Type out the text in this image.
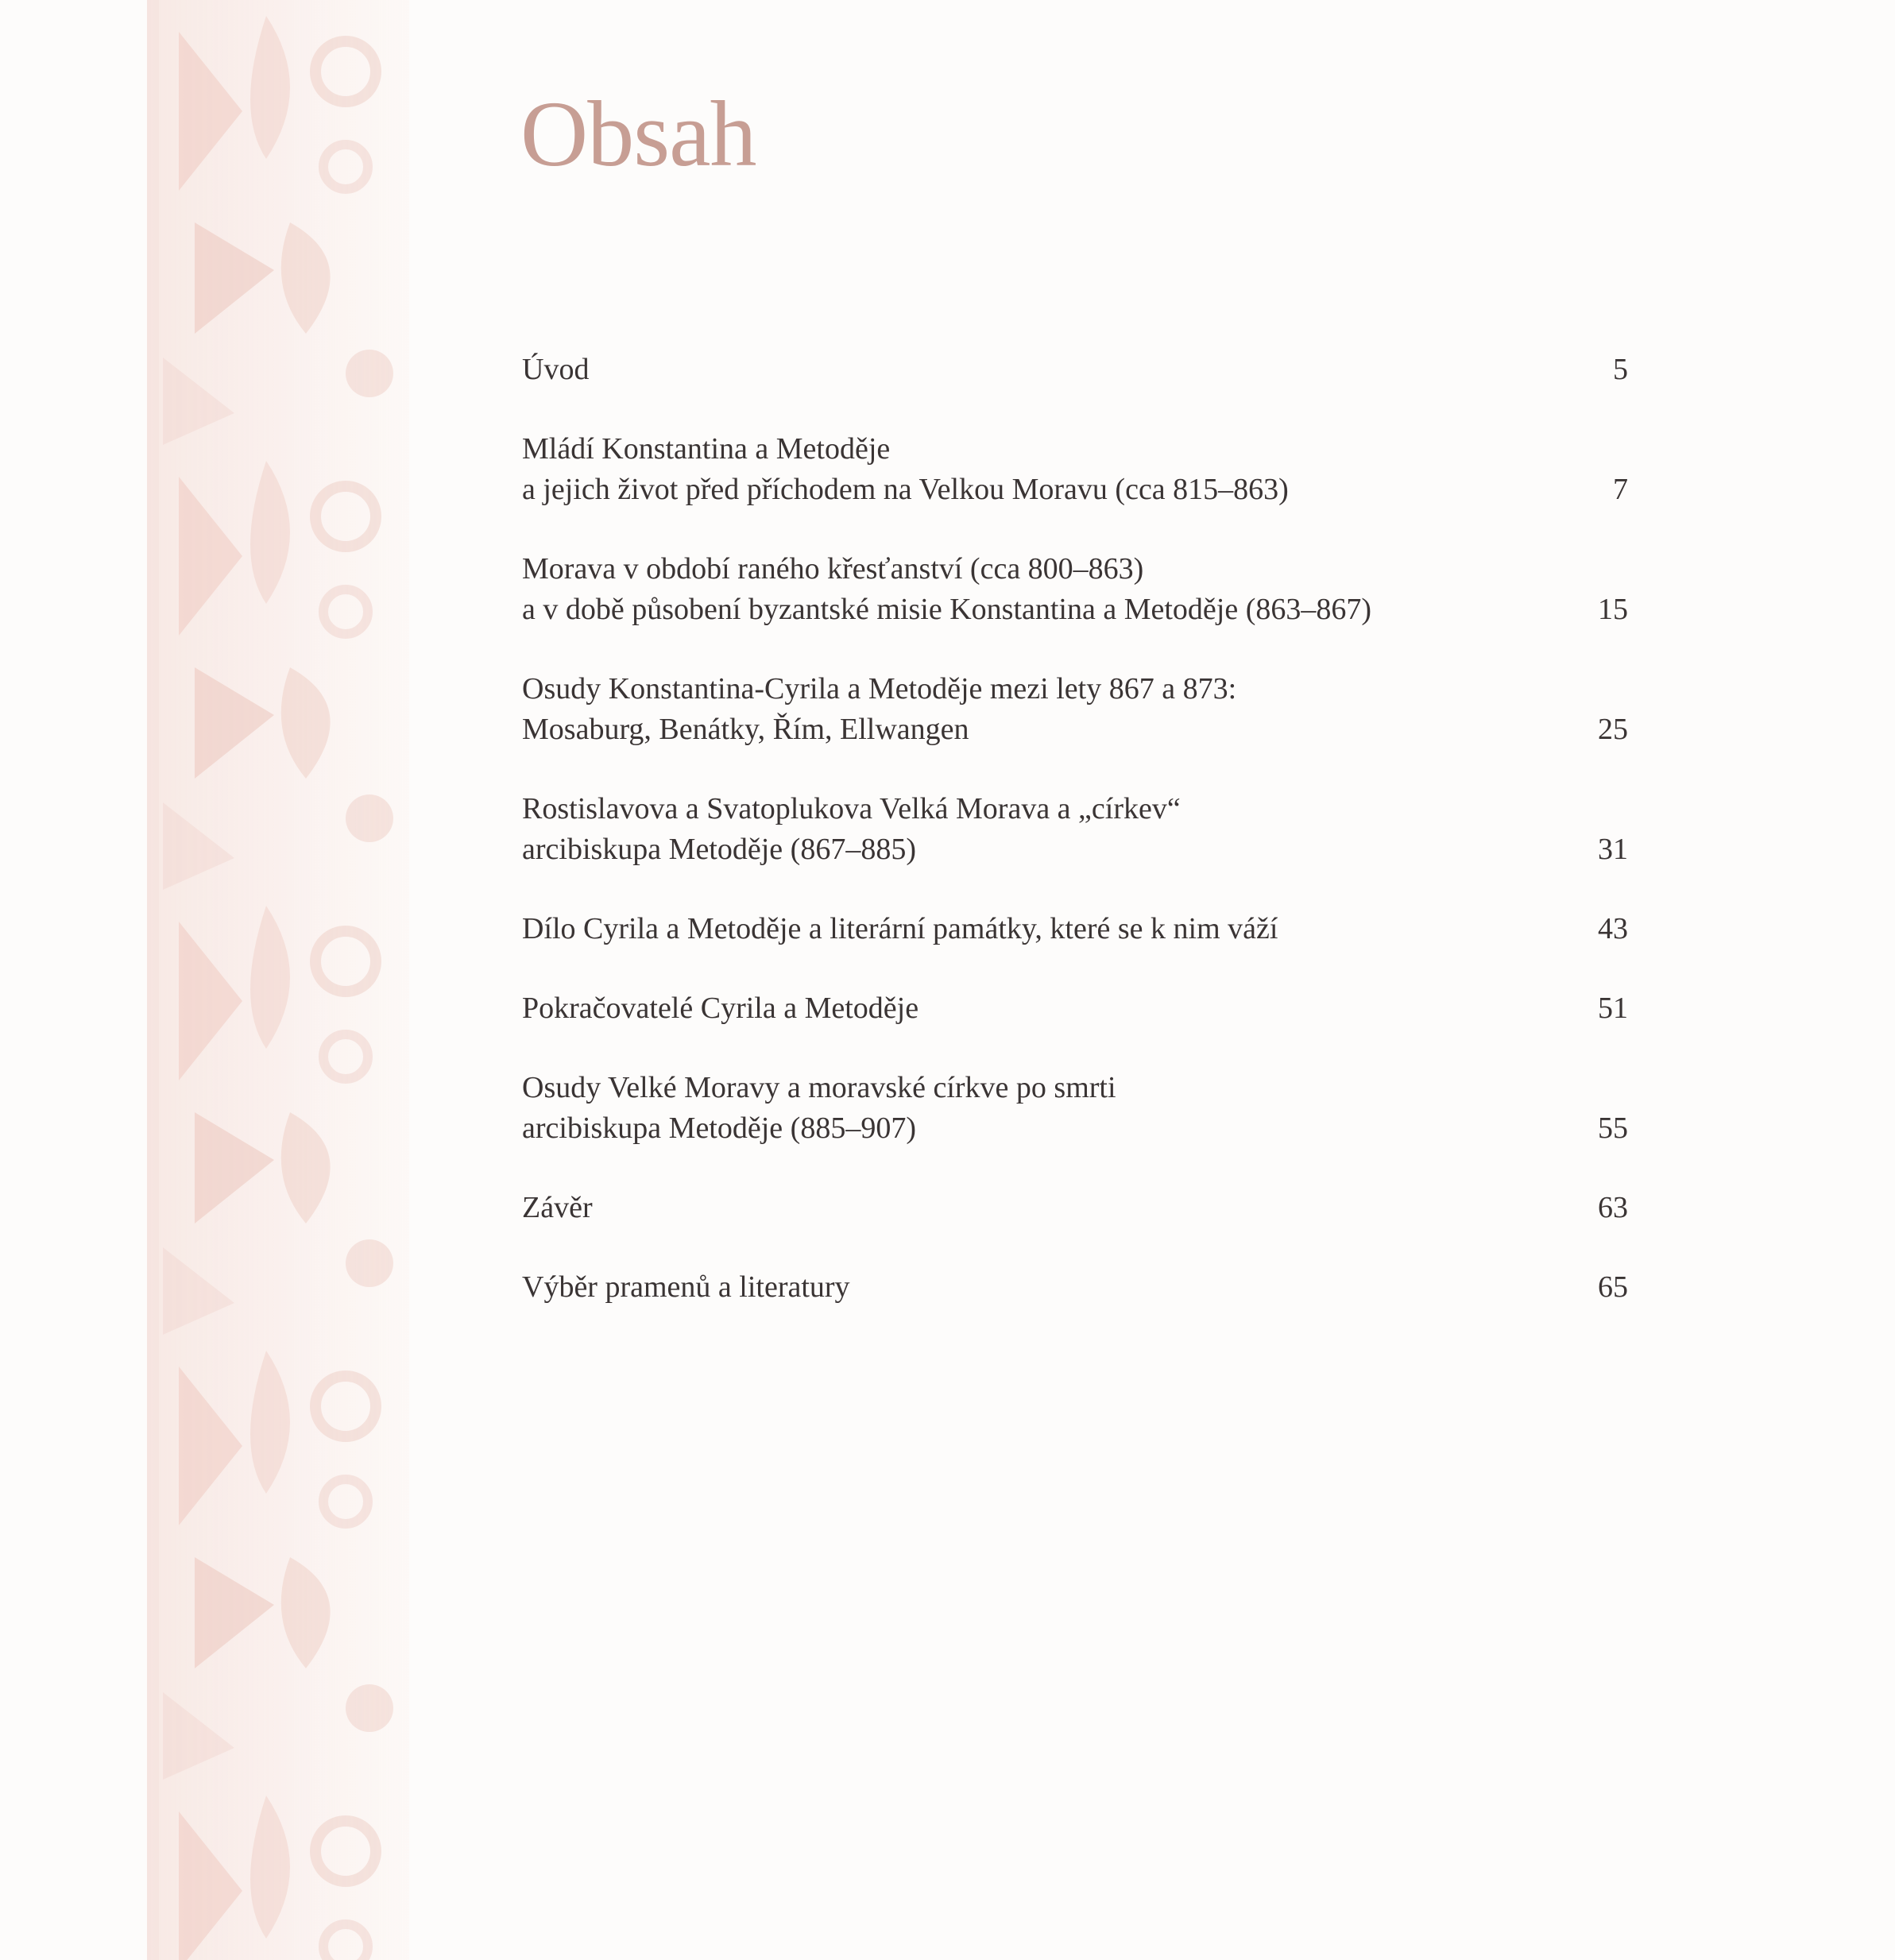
Obsah
Úvod	5
Mládí Konstantina a Metoděje
a jejich život před příchodem na Velkou Moravu (cca 815–863)	7
Morava v období raného křesťanství (cca 800–863)
a v době působení byzantské misie Konstantina a Metoděje (863–867)	15
Osudy Konstantina-Cyrila a Metoděje mezi lety 867 a 873:
Mosaburg, Benátky, Řím, Ellwangen	25
Rostislavova a Svatoplukova Velká Morava a „církev“
arcibiskupa Metoděje (867–885)	31
Dílo Cyrila a Metoděje a literární památky, které se k nim váží	43
Pokračovatelé Cyrila a Metoděje	51
Osudy Velké Moravy a moravské církve po smrti
arcibiskupa Metoděje (885–907)	55
Závěr	63
Výběr pramenů a literatury	65
